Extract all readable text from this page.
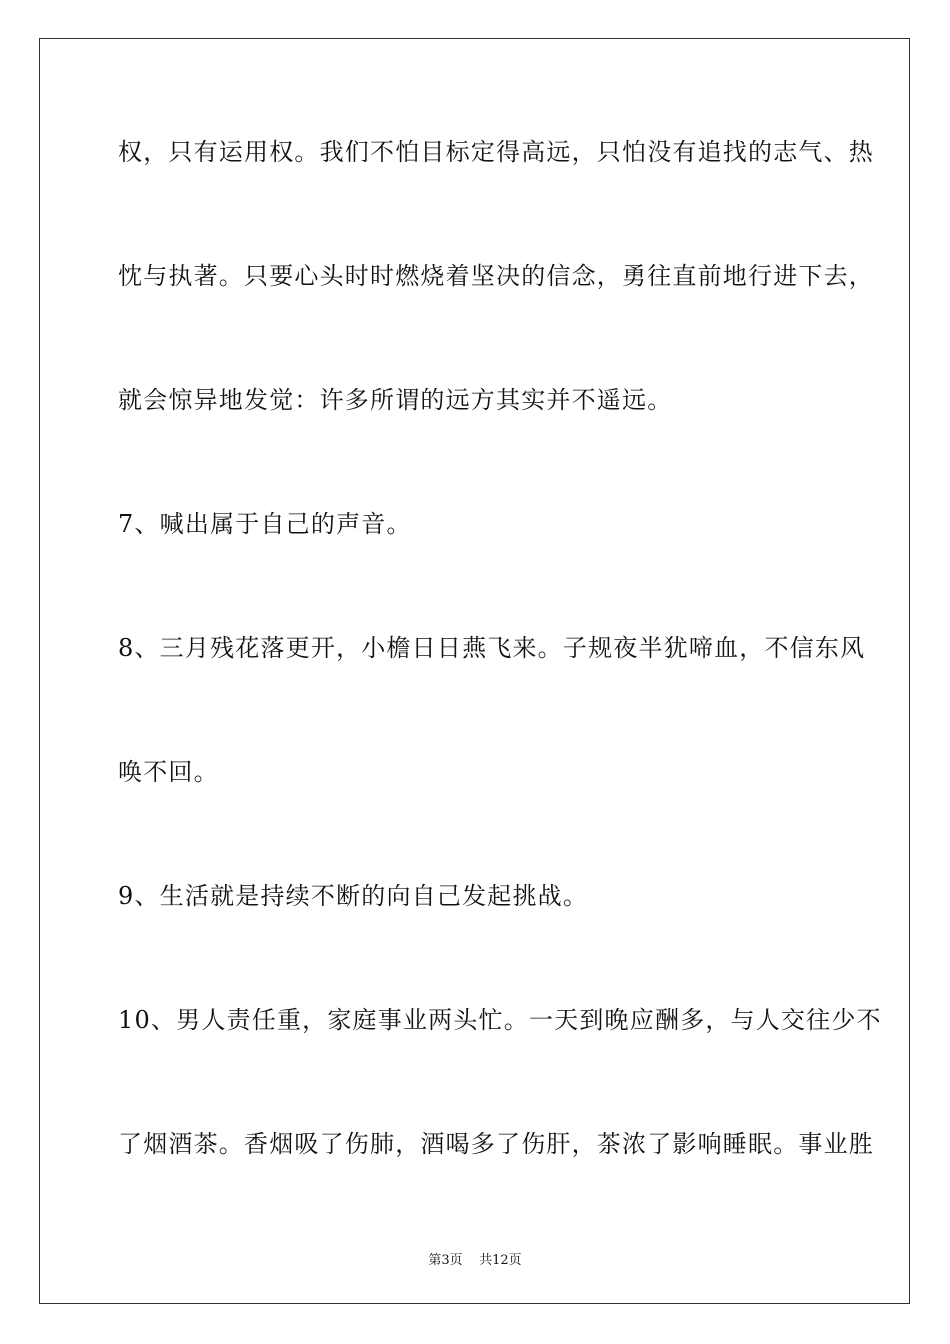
权，只有运用权。我们不怕目标定得高远，只怕没有追找的志气、热
忱与执著。只要心头时时燃烧着坚决的信念，勇往直前地行进下去，
就会惊异地发觉：许多所谓的远方其实并不遥远。
7、喊出属于自己的声音。
8、三月残花落更开，小檐日日燕飞来。子规夜半犹啼血，不信东风
唤不回。
9、生活就是持续不断的向自己发起挑战。
10、男人责任重，家庭事业两头忙。一天到晚应酬多，与人交往少不
了烟酒茶。香烟吸了伤肺，酒喝多了伤肝，茶浓了影响睡眠。事业胜
第3页 共12页
